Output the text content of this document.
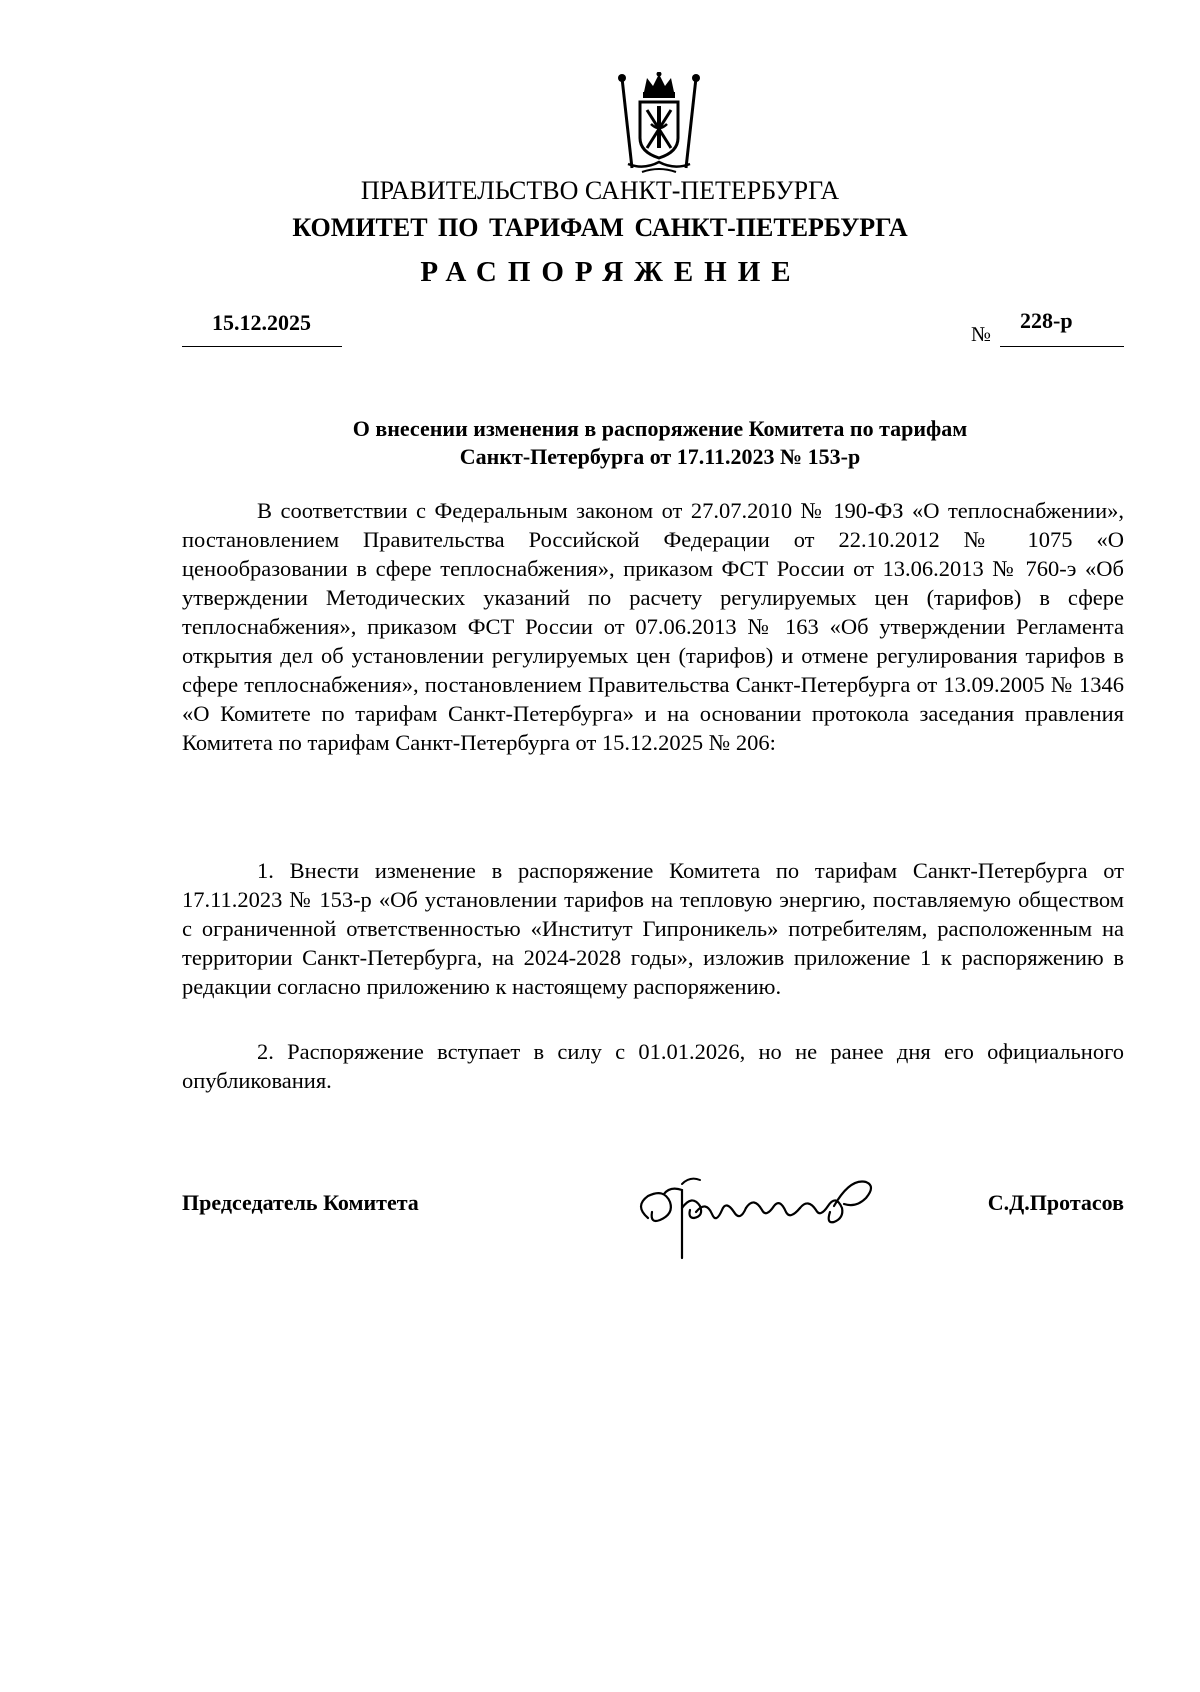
ПРАВИТЕЛЬСТВО САНКТ-ПЕТЕРБУРГА
КОМИТЕТ ПО ТАРИФАМ САНКТ-ПЕТЕРБУРГА
РАСПОРЯЖЕНИЕ
15.12.2025	№
228-р
О внесении изменения в распоряжение Комитета по тарифам
Санкт-Петербурга от 17.11.2023 № 153-р
В соответствии с Федеральным законом от 27.07.2010 № 190-ФЗ «О теплоснабжении», постановлением Правительства Российской Федерации от 22.10.2012 № 1075 «О ценообразовании в сфере теплоснабжения», приказом ФСТ России от 13.06.2013 № 760-э «Об утверждении Методических указаний по расчету регулируемых цен (тарифов) в сфере теплоснабжения», приказом ФСТ России от 07.06.2013 № 163 «Об утверждении Регламента открытия дел об установлении регулируемых цен (тарифов) и отмене регулирования тарифов в сфере теплоснабжения», постановлением Правительства Санкт-Петербурга от 13.09.2005 № 1346 «О Комитете по тарифам Санкт-Петербурга» и на основании протокола заседания правления Комитета по тарифам Санкт-Петербурга от 15.12.2025 № 206:
1. Внести изменение в распоряжение Комитета по тарифам Санкт-Петербурга от 17.11.2023 № 153-р «Об установлении тарифов на тепловую энергию, поставляемую обществом с ограниченной ответственностью «Институт Гипроникель» потребителям, расположенным на территории Санкт-Петербурга, на 2024-2028 годы», изложив приложение 1 к распоряжению в редакции согласно приложению к настоящему распоряжению.
2. Распоряжение вступает в силу с 01.01.2026, но не ранее дня его официального опубликования.
Председатель Комитета	С.Д.Протасов
